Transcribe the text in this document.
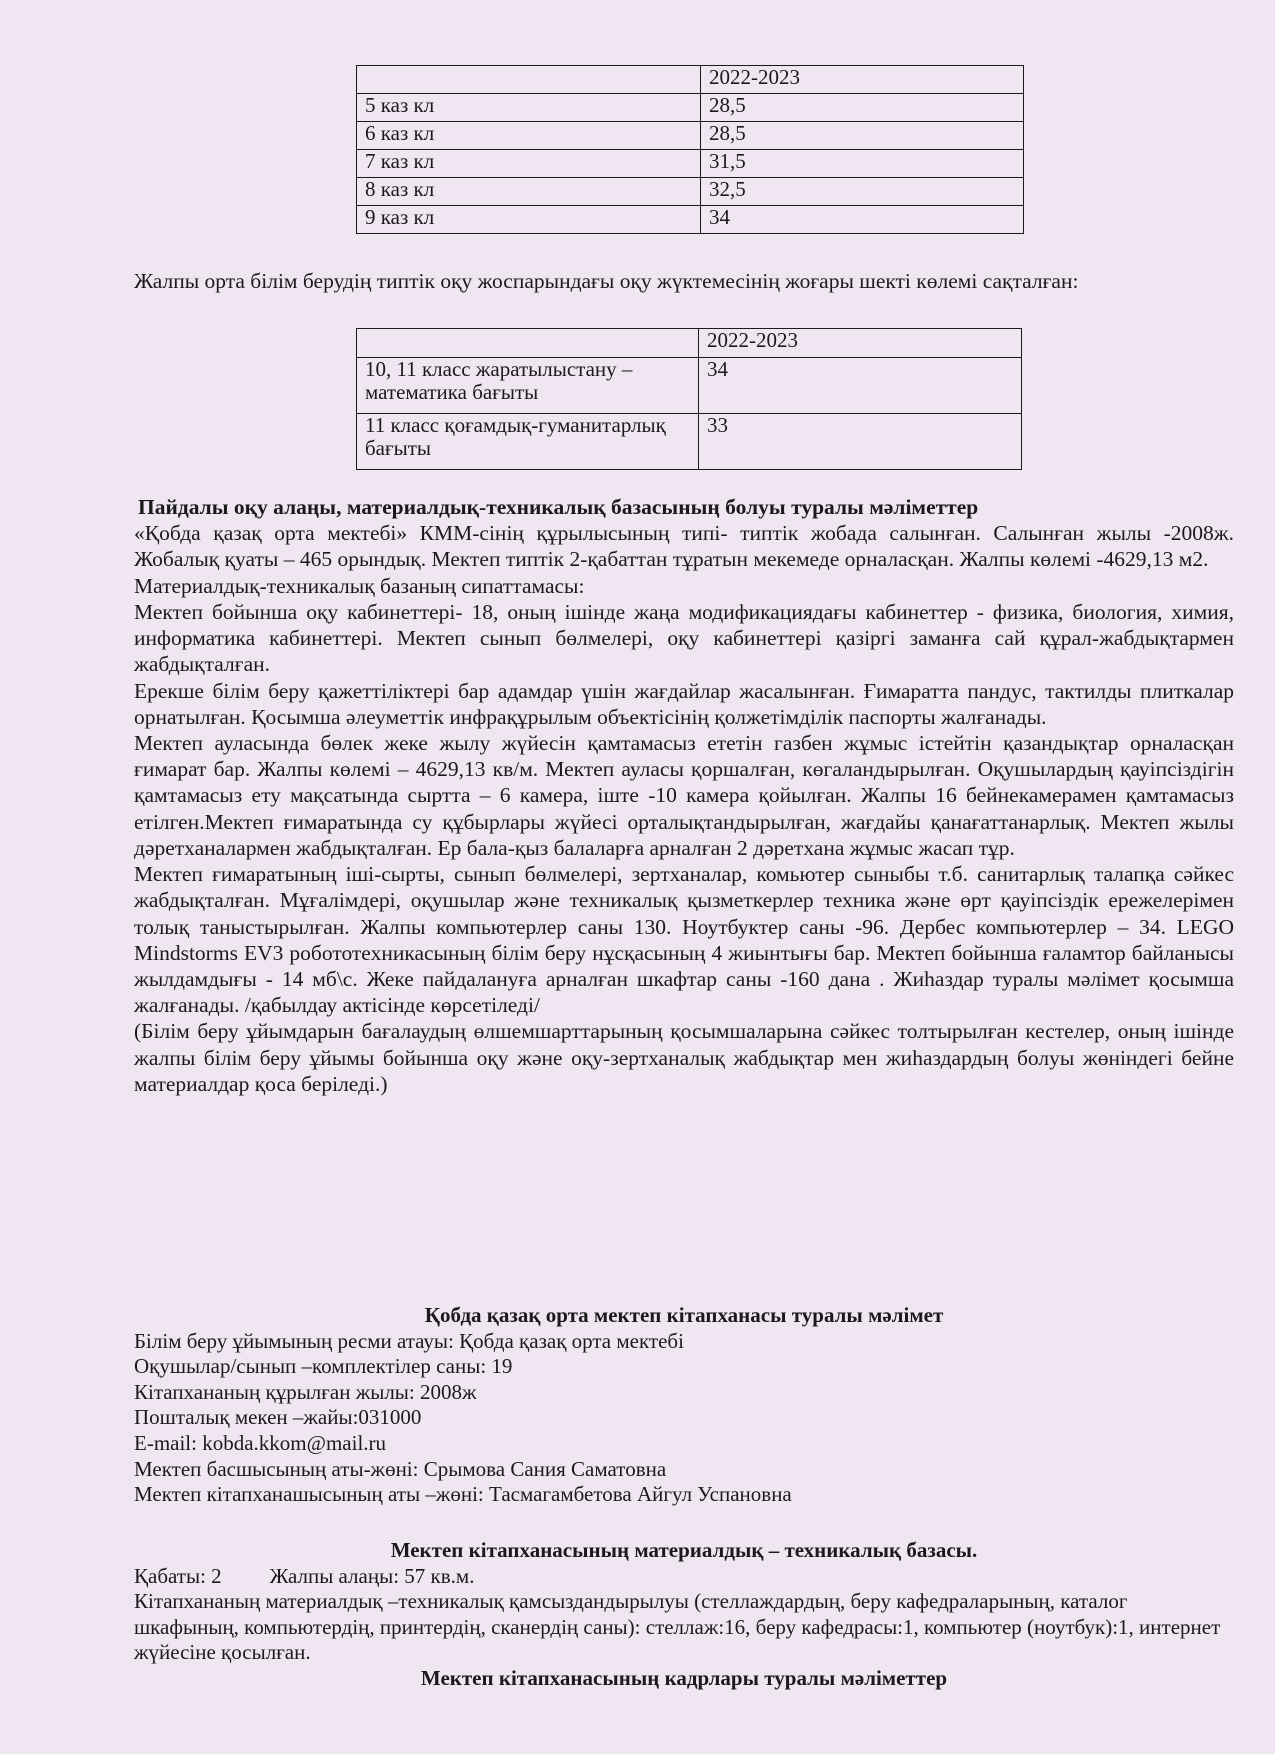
	2022-2023
5 каз кл	28,5
6 каз кл	28,5
7 каз кл	31,5
8 каз кл	32,5
9 каз кл	34

Жалпы орта білім берудің типтік оқу жоспарындағы оқу жүктемесінің жоғары шекті көлемі сақталған:

	2022-2023
10, 11 класс жаратылыстану – математика бағыты	34
11 класс қоғамдық-гуманитарлық бағыты	33

Пайдалы оқу алаңы, материалдық-техникалық базасының болуы туралы мәліметтер

«Қобда қазақ орта мектебі» КММ-сінің құрылысының типі- типтік жобада салынған. Салынған жылы -2008ж. Жобалық қуаты – 465 орындық. Мектеп типтік 2-қабаттан тұратын мекемеде орналасқан. Жалпы көлемі -4629,13 м2.

Материалдық-техникалық базаның сипаттамасы:

Мектеп бойынша оқу кабинеттері- 18, оның ішінде жаңа модификациядағы кабинеттер - физика, биология, химия, информатика кабинеттері. Мектеп сынып бөлмелері, оқу кабинеттері қазіргі заманға сай құрал-жабдықтармен жабдықталған.

Ерекше білім беру қажеттіліктері бар адамдар үшін жағдайлар жасалынған. Ғимаратта пандус, тактилды плиткалар орнатылған. Қосымша әлеуметтік инфрақұрылым объектісінің қолжетімділік паспорты жалғанады.

Мектеп ауласында бөлек жеке жылу жүйесін қамтамасыз ететін газбен жұмыс істейтін қазандықтар орналасқан ғимарат бар. Жалпы көлемі – 4629,13 кв/м. Мектеп ауласы қоршалған, көгаландырылған. Оқушылардың қауіпсіздігін қамтамасыз ету мақсатында сыртта – 6 камера, іште -10 камера қойылған. Жалпы 16 бейнекамерамен қамтамасыз етілген.Мектеп ғимаратында су құбырлары жүйесі орталықтандырылған, жағдайы қанағаттанарлық. Мектеп жылы дәретханалармен жабдықталған. Ер бала-қыз балаларға арналған 2 дәретхана жұмыс жасап тұр.

Мектеп ғимаратының іші-сырты, сынып бөлмелері, зертханалар, комьютер сыныбы т.б. санитарлық талапқа сәйкес жабдықталған. Мұғалімдері, оқушылар және техникалық қызметкерлер техника және өрт қауіпсіздік ережелерімен толық таныстырылған. Жалпы компьютерлер саны 130. Ноутбуктер саны -96. Дербес компьютерлер – 34. LEGO Mindstorms EV3 робототехникасының білім беру нұсқасының 4 жиынтығы бар. Мектеп бойынша ғаламтор байланысы жылдамдығы - 14 мб\с. Жеке пайдалануға арналған шкафтар саны -160 дана . Жиһаздар туралы мәлімет қосымша жалғанады. /қабылдау актісінде көрсетіледі/

(Білім беру ұйымдарын бағалаудың өлшемшарттарының қосымшаларына сәйкес толтырылған кестелер, оның ішінде жалпы білім беру ұйымы бойынша оқу және оқу-зертханалық жабдықтар мен жиһаздардың болуы жөніндегі бейне материалдар қоса беріледі.)

Қобда қазақ орта мектеп кітапханасы туралы мәлімет

Білім беру ұйымының ресми атауы: Қобда қазақ орта мектебі

Оқушылар/сынып –комплектілер саны: 19

Кітапхананың құрылған жылы: 2008ж

Пошталық мекен –жайы:031000

E-mail: kobda.kkom@mail.ru

Мектеп басшысының аты-жөні: Срымова Сания Саматовна

Мектеп кітапханашысының аты –жөні: Тасмагамбетова Айгул Успановна

Мектеп кітапханасының материалдық – техникалық базасы.

Қабаты: 2 Жалпы алаңы: 57 кв.м.

Кітапхананың материалдық –техникалық қамсыздандырылуы (стеллаждардың, беру кафедраларының, каталог шкафының, компьютердің, принтердің, сканердің саны): стеллаж:16, беру кафедрасы:1, компьютер (ноутбук):1, интернет жүйесіне қосылған.

Мектеп кітапханасының кадрлары туралы мәліметтер
